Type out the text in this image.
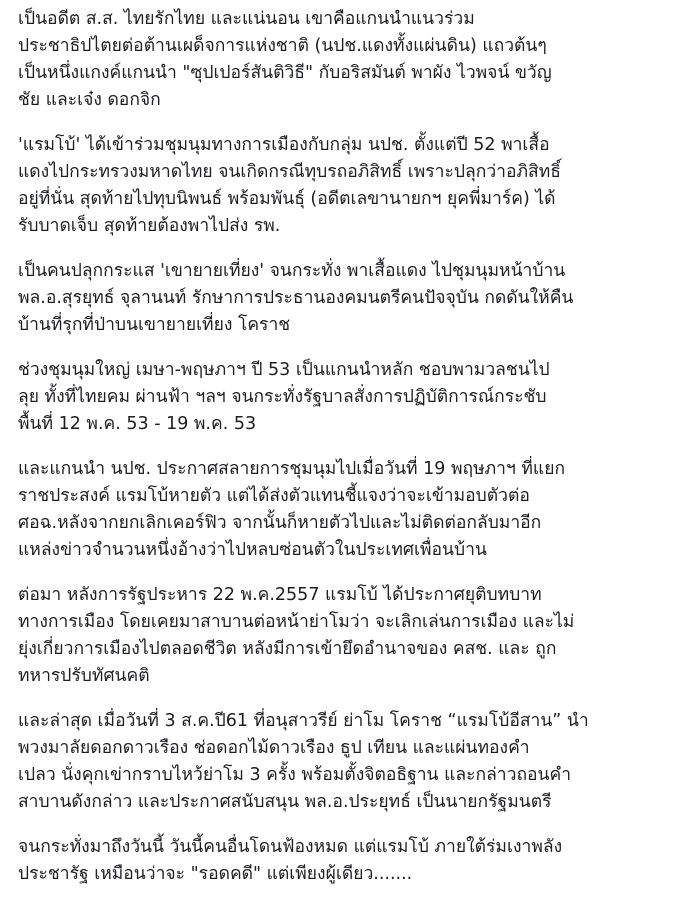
เป็นอดีต ส.ส. ไทยรักไทย และแน่นอน เขาคือแกนนำแนวร่วม
ประชาธิปไตยต่อต้านเผด็จการแห่งชาติ (นปช.แดงทั้งแผ่นดิน) แถวต้นๆ
เป็นหนึ่งแกงค์แกนนำ "ซุปเปอร์สันติวิธี" กับอริสมันต์ พาผัง ไวพจน์ ขวัญ
ชัย และเจ๋ง ดอกจิก

'แรมโบ้' ได้เข้าร่วมชุมนุมทางการเมืองกับกลุ่ม นปช. ตั้งแต่ปี 52 พาเสื้อ
แดงไปกระทรวงมหาดไทย จนเกิดกรณีทุบรถอภิสิทธิ์ เพราะปลุกว่าอภิสิทธิ์
อยู่ที่นั่น สุดท้ายไปทุบนิพนธ์ พร้อมพันธุ์ (อดีตเลขานายกฯ ยุคพี่มาร์ค) ได้
รับบาดเจ็บ สุดท้ายต้องพาไปส่ง รพ.

เป็นคนปลุกกระแส 'เขายายเที่ยง' จนกระทั่ง พาเสื้อแดง ไปชุมนุมหน้าบ้าน
พล.อ.สุรยุทธ์ จุลานนท์ รักษาการประธานองคมนตรีคนปัจจุบัน กดดันให้คืน
บ้านที่รุกที่ป่าบนเขายายเที่ยง โคราช

ช่วงชุมนุมใหญ่ เมษา-พฤษภาฯ ปี 53 เป็นแกนนำหลัก ชอบพามวลชนไป
ลุย ทั้งที่ไทยคม ผ่านฟ้า ฯลฯ จนกระทั่งรัฐบาลสั่งการปฏิบัติการณ์กระชับ
พื้นที่ 12 พ.ค. 53 - 19 พ.ค. 53

และแกนนำ นปช. ประกาศสลายการชุมนุมไปเมื่อวันที่ 19 พฤษภาฯ ที่แยก
ราชประสงค์ แรมโบ้หายตัว แต่ได้ส่งตัวแทนชี้แจงว่าจะเข้ามอบตัวต่อ
ศอฉ.หลังจากยกเลิกเคอร์ฟิว จากนั้นก็หายตัวไปและไม่ติดต่อกลับมาอีก
แหล่งข่าวจำนวนหนึ่งอ้างว่าไปหลบซ่อนตัวในประเทศเพื่อนบ้าน

ต่อมา หลังการรัฐประหาร 22 พ.ค.2557 แรมโบ้ ได้ประกาศยุติบทบาท
ทางการเมือง โดยเคยมาสาบานต่อหน้าย่าโมว่า จะเลิกเล่นการเมือง และไม่
ยุ่งเกี่ยวการเมืองไปตลอดชีวิต หลังมีการเข้ายึดอำนาจของ คสช. และ ถูก
ทหารปรับทัศนคติ

และล่าสุด เมื่อวันที่ 3 ส.ค.ปี61 ที่อนุสาวรีย์ ย่าโม โคราช “แรมโบ้อีสาน” นำ
พวงมาลัยดอกดาวเรือง ช่อดอกไม้ดาวเรือง ธูป เทียน และแผ่นทองคำ
เปลว นั่งคุกเข่ากราบไหว้ย่าโม 3 ครั้ง พร้อมตั้งจิตอธิฐาน และกล่าวถอนคำ
สาบานดังกล่าว และประกาศสนับสนุน พล.อ.ประยุทธ์ เป็นนายกรัฐมนตรี

จนกระทั่งมาถึงวันนี้ วันนี้คนอื่นโดนฟ้องหมด แต่แรมโบ้ ภายใต้ร่มเงาพลัง
ประชารัฐ เหมือนว่าจะ "รอดคดี" แต่เพียงผู้เดียว.......
